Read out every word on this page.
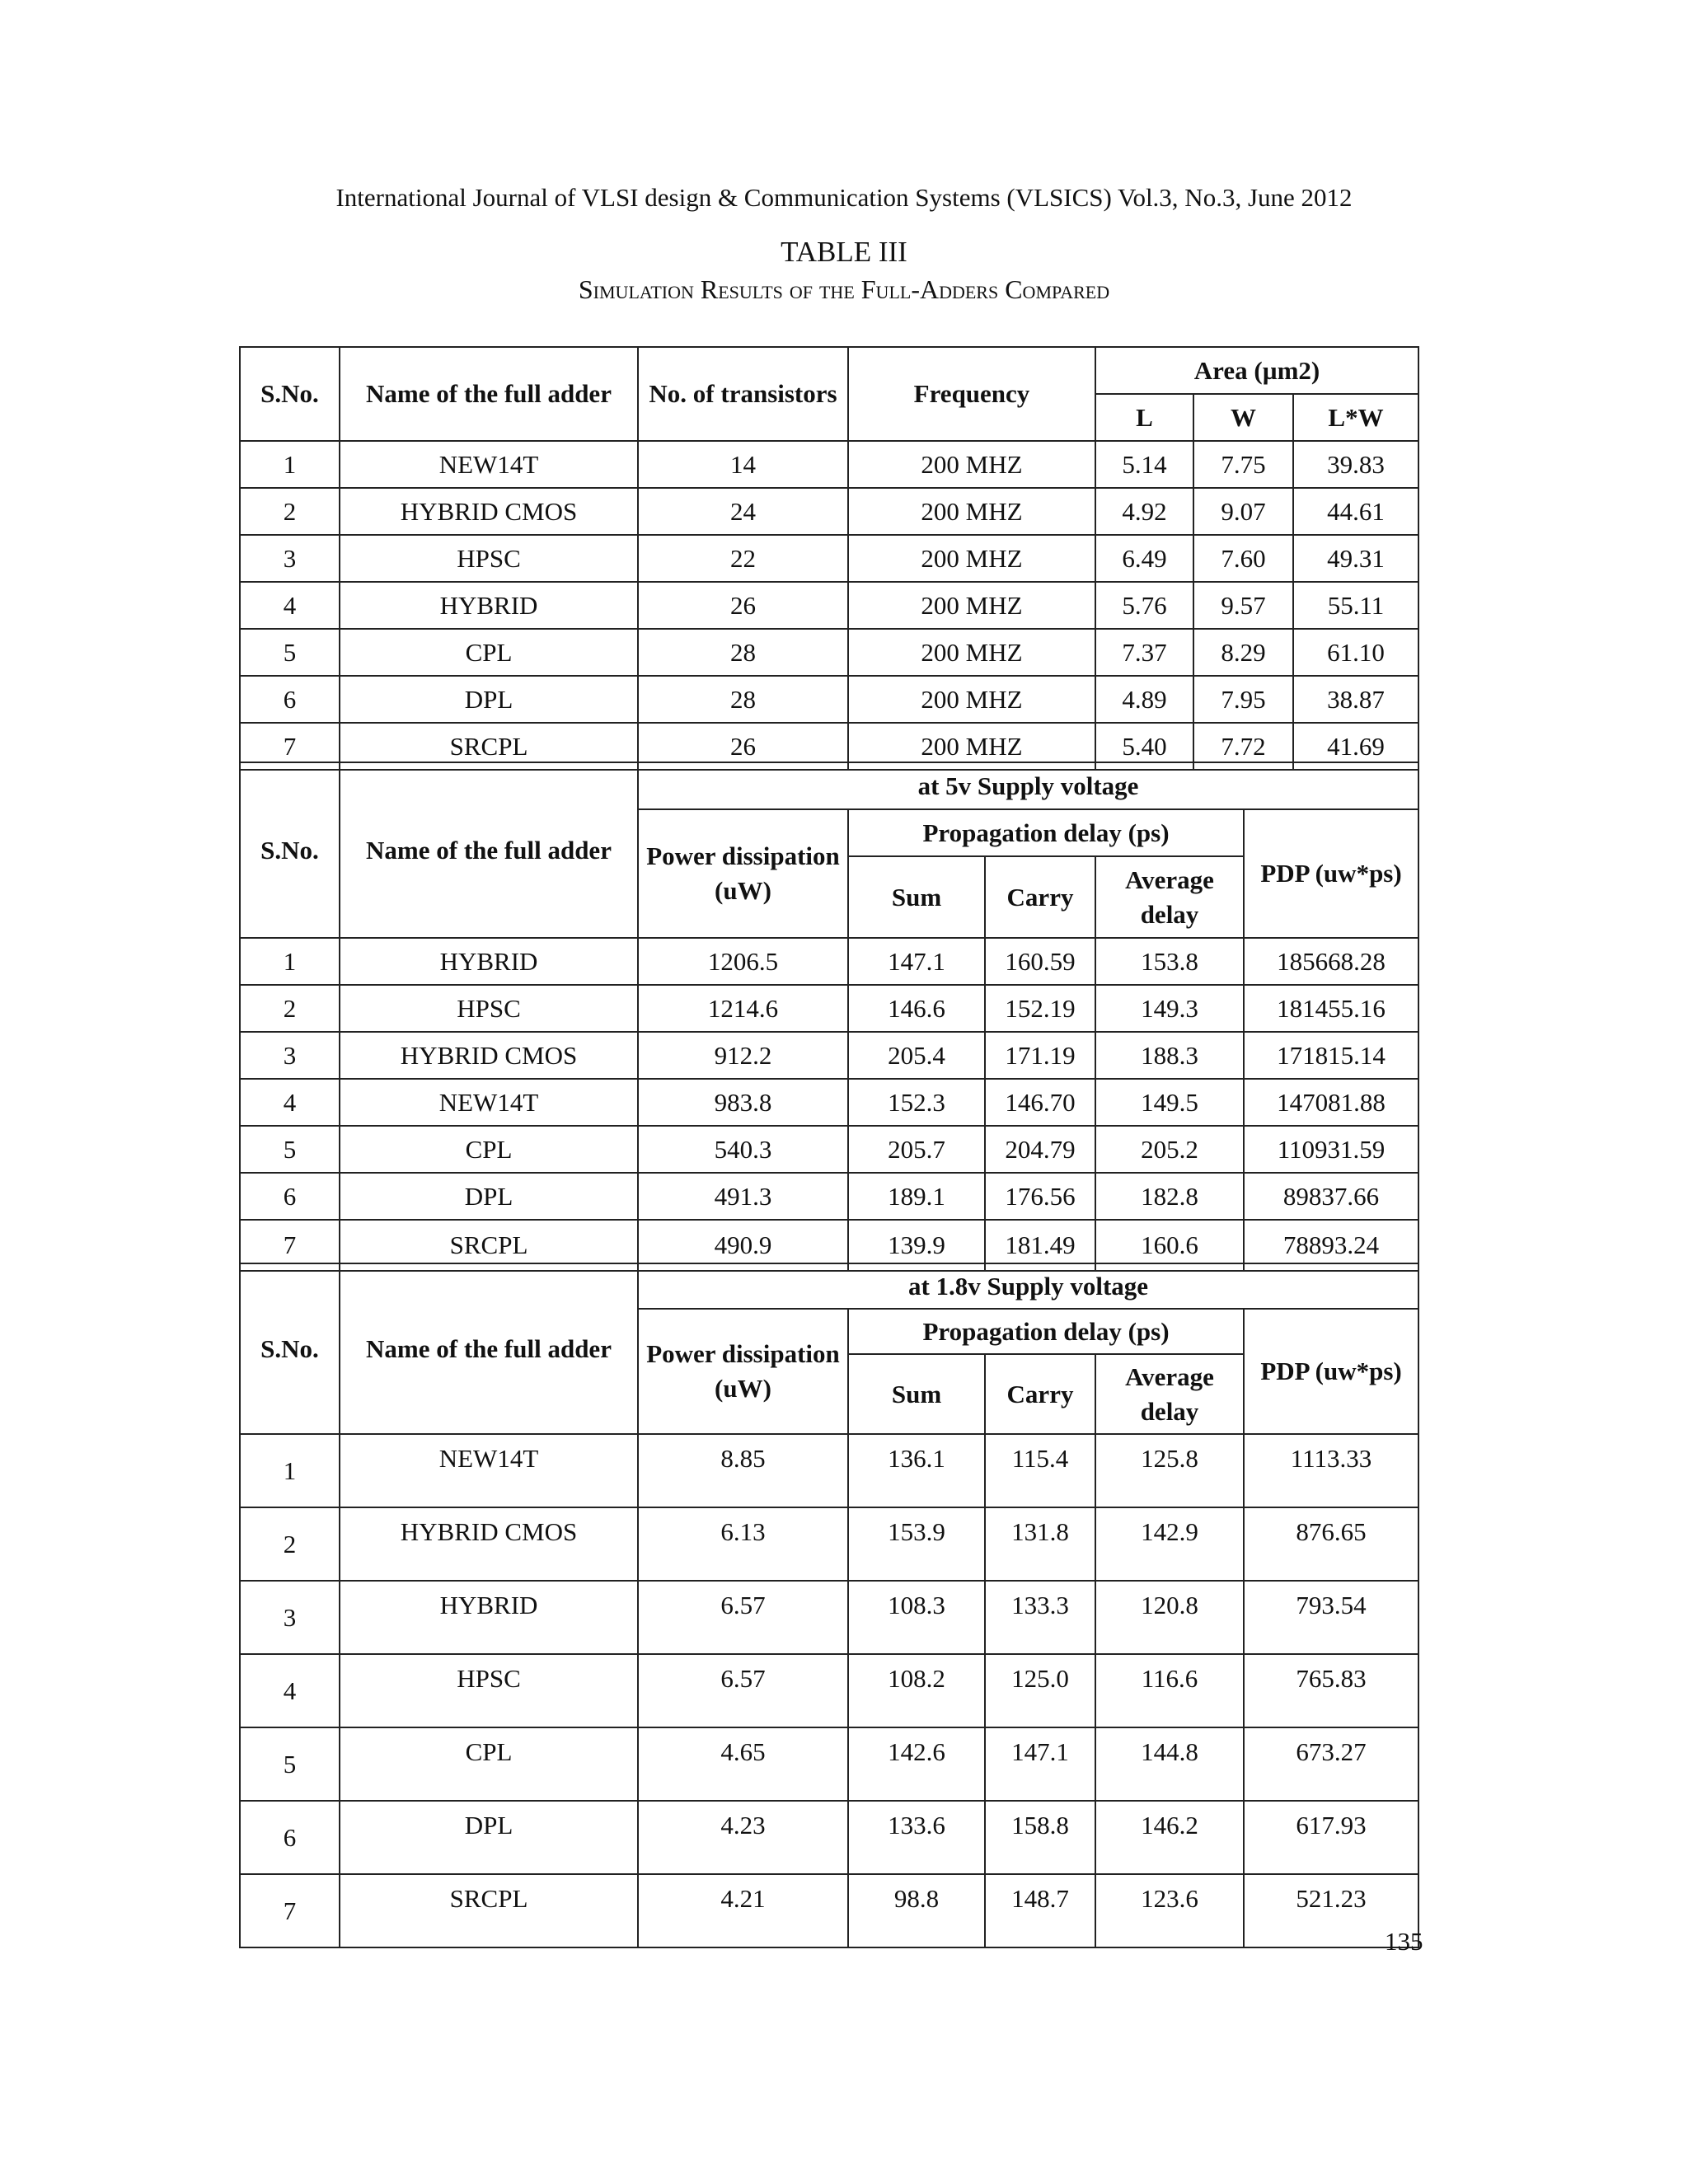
International Journal of VLSI design & Communication Systems (VLSICS) Vol.3, No.3, June 2012
TABLE III
Simulation Results of the Full-Adders Compared
S.No.	Name of the full adder	No. of transistors	Frequency	Area (µm2)		
				L	W	L*W
1	NEW14T	14	200 MHZ	5.14	7.75	39.83
2	HYBRID CMOS	24	200 MHZ	4.92	9.07	44.61
3	HPSC	22	200 MHZ	6.49	7.60	49.31
4	HYBRID	26	200 MHZ	5.76	9.57	55.11
5	CPL	28	200 MHZ	7.37	8.29	61.10
6	DPL	28	200 MHZ	4.89	7.95	38.87
7	SRCPL	26	200 MHZ	5.40	7.72	41.69
S.No.	Name of the full adder	at 5v Supply voltage				
		Power dissipation (uW)	Propagation delay (ps)			PDP (uw*ps)
			Sum	Carry	Average delay	
1	HYBRID	1206.5	147.1	160.59	153.8	185668.28
2	HPSC	1214.6	146.6	152.19	149.3	181455.16
3	HYBRID CMOS	912.2	205.4	171.19	188.3	171815.14
4	NEW14T	983.8	152.3	146.70	149.5	147081.88
5	CPL	540.3	205.7	204.79	205.2	110931.59
6	DPL	491.3	189.1	176.56	182.8	89837.66
7	SRCPL	490.9	139.9	181.49	160.6	78893.24
S.No.	Name of the full adder	at 1.8v Supply voltage				
		Power dissipation (uW)	Propagation delay (ps)			PDP (uw*ps)
			Sum	Carry	Average delay	
1	NEW14T	8.85	136.1	115.4	125.8	1113.33
2	HYBRID CMOS	6.13	153.9	131.8	142.9	876.65
3	HYBRID	6.57	108.3	133.3	120.8	793.54
4	HPSC	6.57	108.2	125.0	116.6	765.83
5	CPL	4.65	142.6	147.1	144.8	673.27
6	DPL	4.23	133.6	158.8	146.2	617.93
7	SRCPL	4.21	98.8	148.7	123.6	521.23
135
